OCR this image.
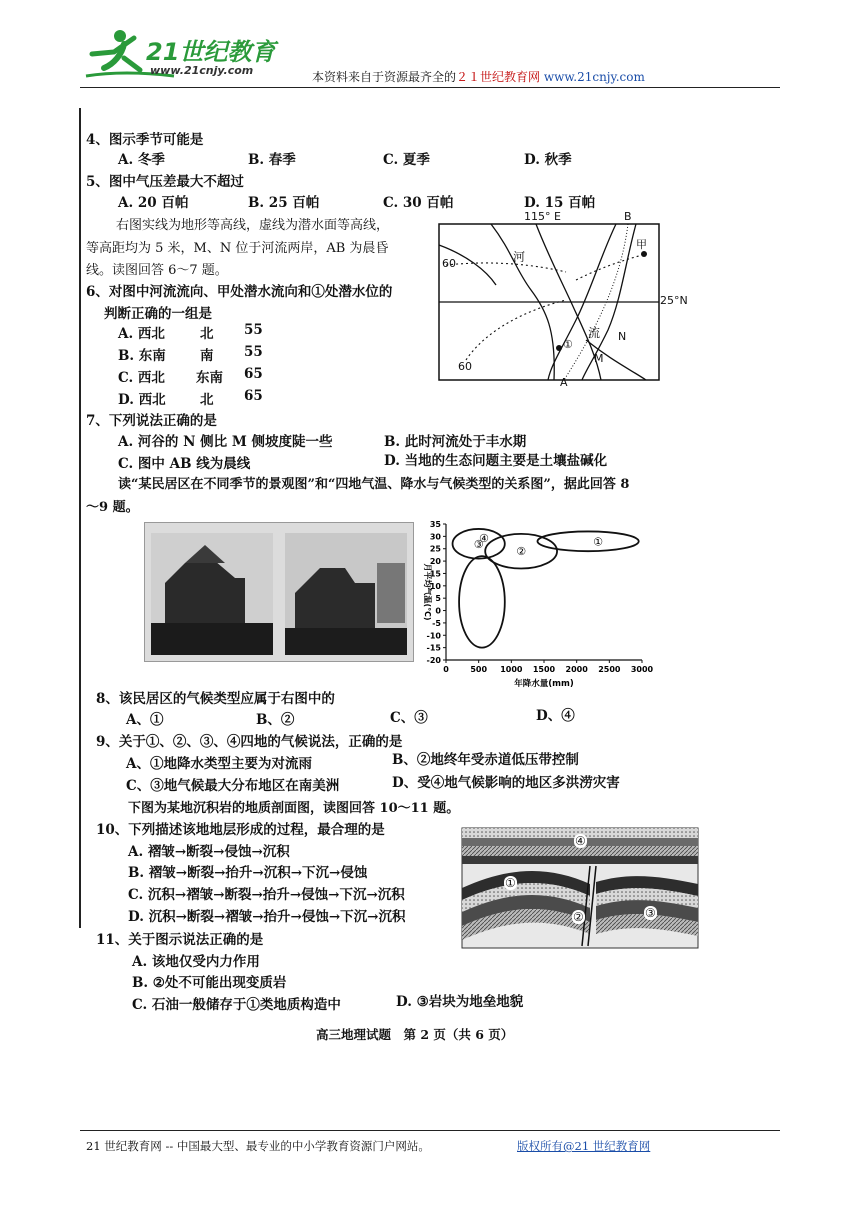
21世纪教育
www.21cnjy.com	本资料来自于资源最齐全的２１世纪教育网 www.21cnjy.com
4、图示季节可能是
A. 冬季	B. 春季	C. 夏季	D. 秋季
5、图中气压差最大不超过
A. 20 百帕	B. 25 百帕	C. 30 百帕	D. 15 百帕
右图实线为地形等高线，虚线为潜水面等高线，
等高距均为 5 米，M、N 位于河流两岸，AB 为晨昏
线。读图回答 6～7 题。
6、对图中河流流向、甲处潜水流向和①处潜水位的
判断正确的一组是
A. 西北	北 55
B. 东南	南 55
C. 西北 东南 65
D. 西北	北 65
115° E	B
甲
河
60
25°N
流 N
①
M
60
A
7、下列说法正确的是
A. 河谷的 N 侧比 M 侧坡度陡一些	B. 此时河流处于丰水期
C. 图中 AB 线为晨线	D. 当地的生态问题主要是土壤盐碱化
读“某民居区在不同季节的景观图”和“四地气温、降水与气候类型的关系图”，据此回答 8
～9 题。
35
30
25
20
15
10
5
0
-5
-10
-15
-20
0	500 1000 1500 2000 2500 3000
①
②
③
④
年降水量(mm)
月平均气温(℃)
8、该民居区的气候类型应属于右图中的
A、①	B、②	C、③	D、④
9、关于①、②、③、④四地的气候说法，正确的是
A、①地降水类型主要为对流雨	B、②地终年受赤道低压带控制
C、③地气候最大分布地区在南美洲	D、受④地气候影响的地区多洪涝灾害
下图为某地沉积岩的地质剖面图，读图回答 10～11 题。
10、下列描述该地地层形成的过程，最合理的是
A. 褶皱→断裂→侵蚀→沉积
B. 褶皱→断裂→抬升→沉积→下沉→侵蚀
C. 沉积→褶皱→断裂→抬升→侵蚀→下沉→沉积
D. 沉积→断裂→褶皱→抬升→侵蚀→下沉→沉积
④
①
②	③
11、关于图示说法正确的是
A. 该地仅受内力作用
B. ②处不可能出现变质岩
C. 石油一般储存于①类地质构造中	D. ③岩块为地垒地貌
高三地理试题　第 2 页（共 6 页）
21 世纪教育网 -- 中国最大型、最专业的中小学教育资源门户网站。	版权所有@21 世纪教育网
